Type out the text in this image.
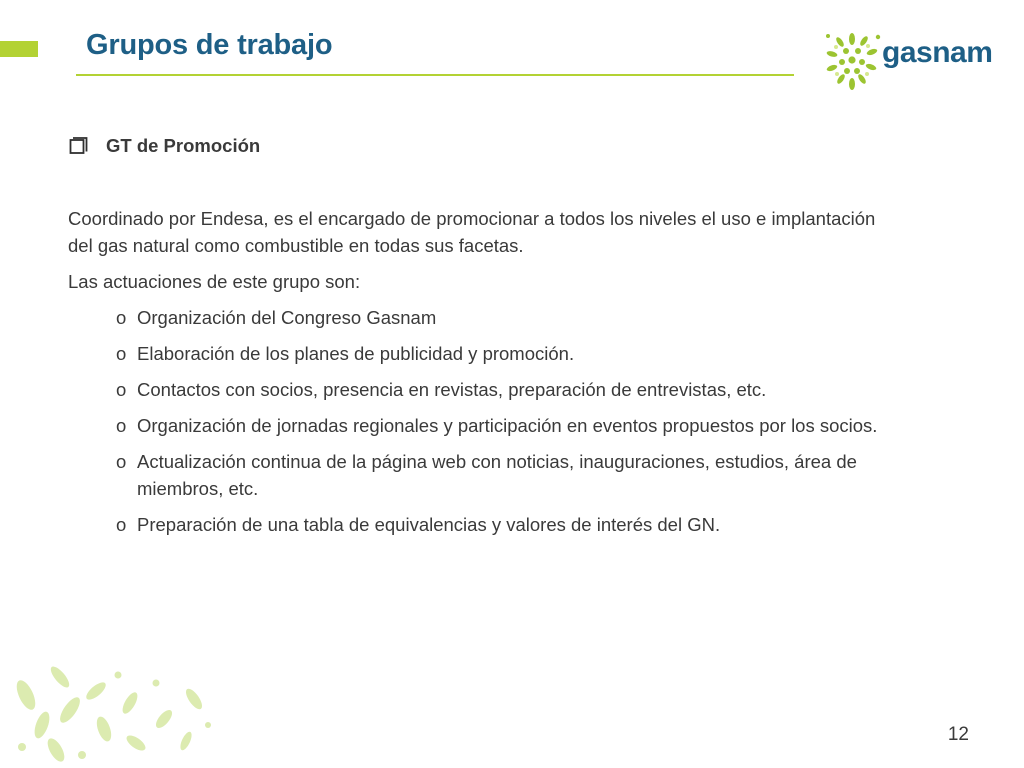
Grupos de trabajo	gasnam
GT de Promoción

Coordinado por Endesa, es el encargado de promocionar a todos los niveles el uso e implantación del gas natural como combustible en todas sus facetas.

Las actuaciones de este grupo son:

o Organización del Congreso Gasnam
o Elaboración de los planes de publicidad y promoción.
o Contactos con socios, presencia en revistas, preparación de entrevistas, etc.
o Organización de jornadas regionales y participación en eventos propuestos por los socios.
o Actualización continua de la página web con noticias, inauguraciones, estudios, área de miembros, etc.
o Preparación de una tabla de equivalencias y valores de interés del GN.
12
